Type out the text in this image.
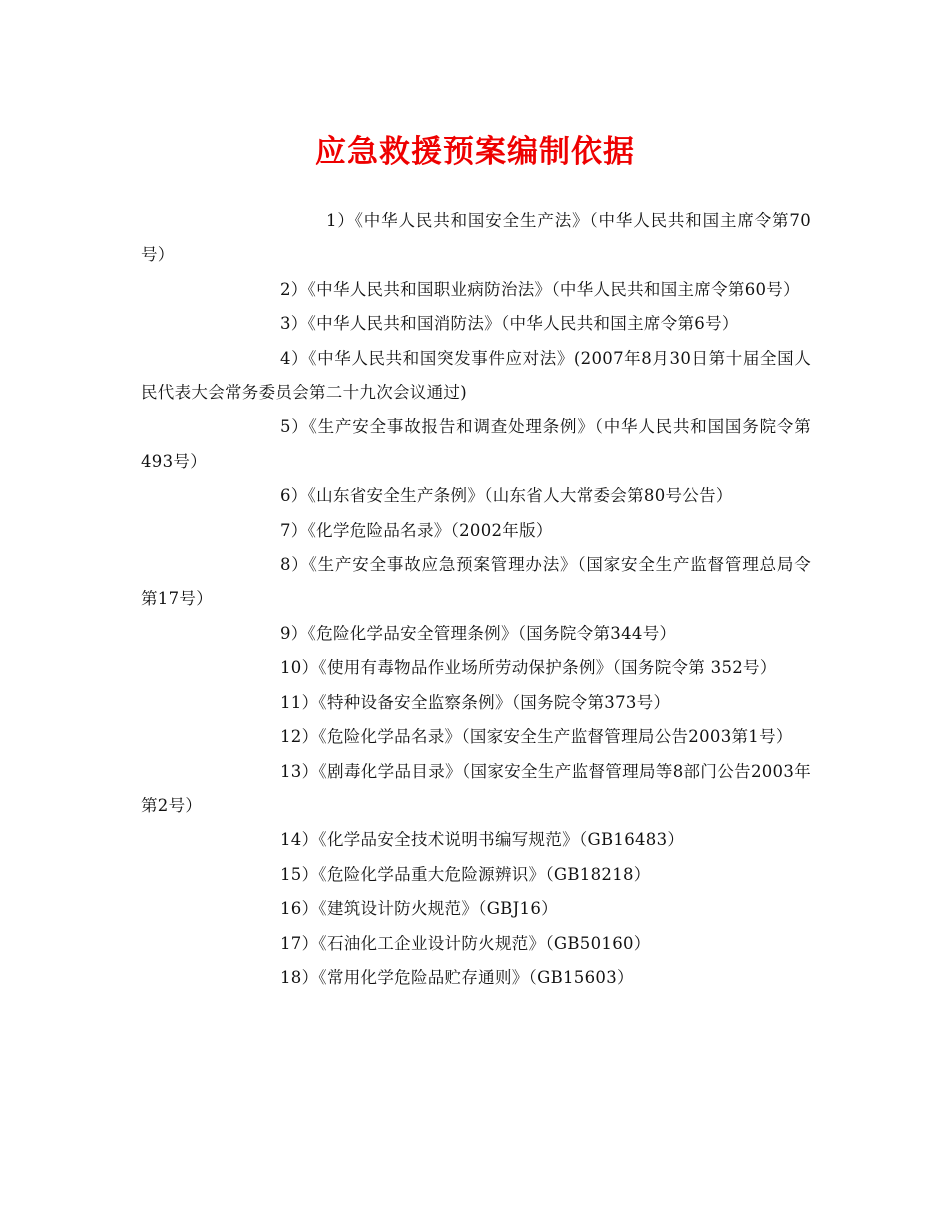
应急救援预案编制依据
1）《中华人民共和国安全生产法》（中华人民共和国主席令第70号）
2）《中华人民共和国职业病防治法》（中华人民共和国主席令第60号）
3）《中华人民共和国消防法》（中华人民共和国主席令第6号）
4）《中华人民共和国突发事件应对法》(2007年8月30日第十届全国人民代表大会常务委员会第二十九次会议通过)
5）《生产安全事故报告和调查处理条例》（中华人民共和国国务院令第493号）
6）《山东省安全生产条例》（山东省人大常委会第80号公告）
7）《化学危险品名录》（2002年版）
8）《生产安全事故应急预案管理办法》（国家安全生产监督管理总局令第17号）
9）《危险化学品安全管理条例》（国务院令第344号）
10）《使用有毒物品作业场所劳动保护条例》（国务院令第 352号）
11）《特种设备安全监察条例》（国务院令第373号）
12）《危险化学品名录》（国家安全生产监督管理局公告2003第1号）
13）《剧毒化学品目录》（国家安全生产监督管理局等8部门公告2003年第2号）
14）《化学品安全技术说明书编写规范》（GB16483）
15）《危险化学品重大危险源辨识》（GB18218）
16）《建筑设计防火规范》（GBJ16）
17）《石油化工企业设计防火规范》（GB50160）
18）《常用化学危险品贮存通则》（GB15603）
